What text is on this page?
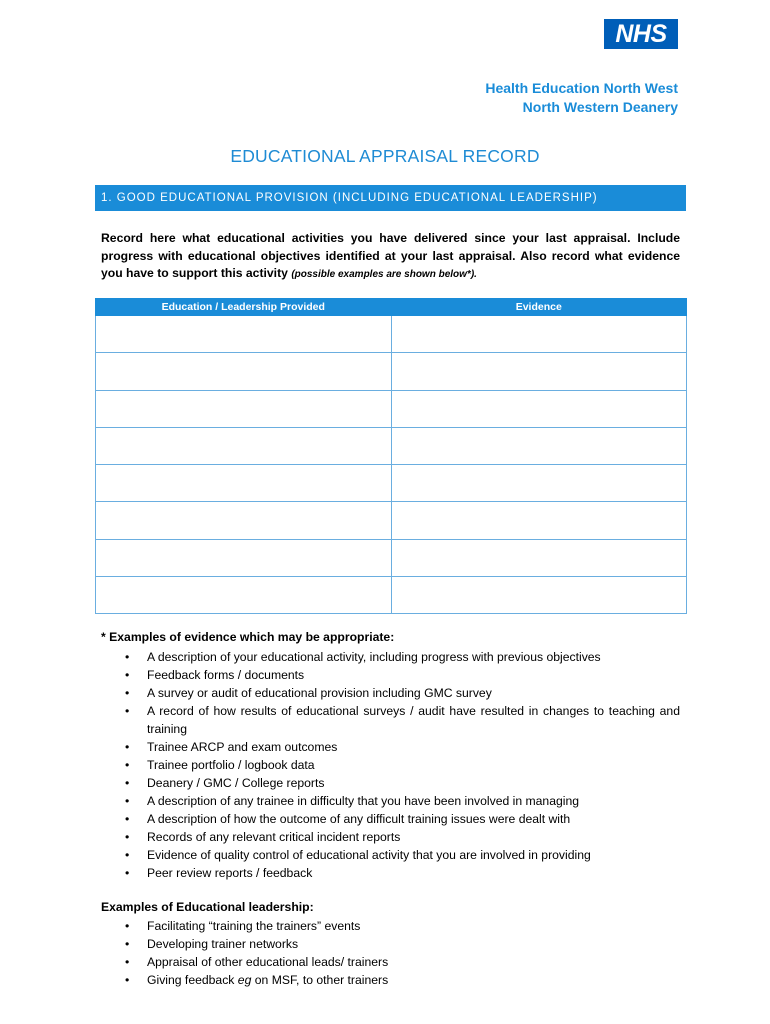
NHS
Health Education North West
North Western Deanery
EDUCATIONAL APPRAISAL RECORD
1. GOOD EDUCATIONAL PROVISION (INCLUDING EDUCATIONAL LEADERSHIP)
Record here what educational activities you have delivered since your last appraisal. Include progress with educational objectives identified at your last appraisal. Also record what evidence you have to support this activity (possible examples are shown below*).
Education / Leadership Provided	Evidence

* Examples of evidence which may be appropriate:
• A description of your educational activity, including progress with previous objectives
• Feedback forms / documents
• A survey or audit of educational provision including GMC survey
• A record of how results of educational surveys / audit have resulted in changes to teaching and training
• Trainee ARCP and exam outcomes
• Trainee portfolio / logbook data
• Deanery / GMC / College reports
• A description of any trainee in difficulty that you have been involved in managing
• A description of how the outcome of any difficult training issues were dealt with
• Records of any relevant critical incident reports
• Evidence of quality control of educational activity that you are involved in providing
• Peer review reports / feedback
Examples of Educational leadership:
• Facilitating “training the trainers” events
• Developing trainer networks
• Appraisal of other educational leads/ trainers
• Giving feedback eg on MSF, to other trainers
